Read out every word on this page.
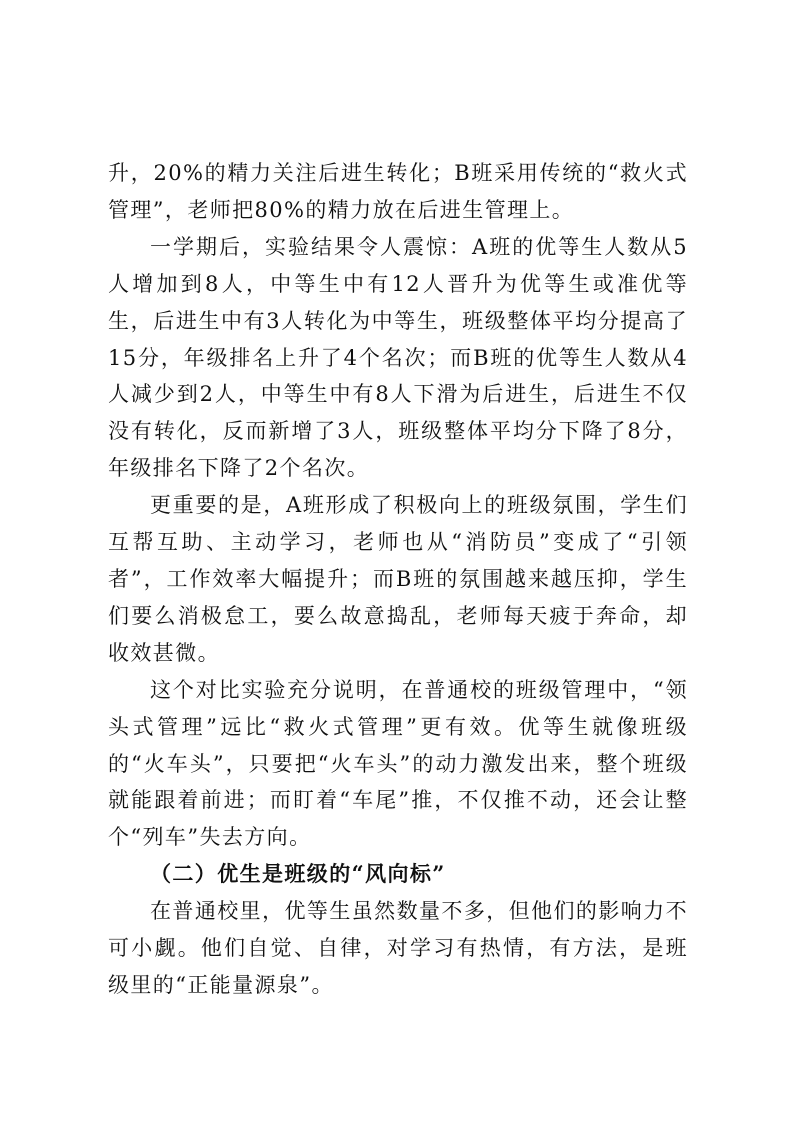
升，20%的精力关注后进生转化；B班采用传统的“救火式管理”，老师把80%的精力放在后进生管理上。

一学期后，实验结果令人震惊：A班的优等生人数从5人增加到8人，中等生中有12人晋升为优等生或准优等生，后进生中有3人转化为中等生，班级整体平均分提高了15分，年级排名上升了4个名次；而B班的优等生人数从4人减少到2人，中等生中有8人下滑为后进生，后进生不仅没有转化，反而新增了3人，班级整体平均分下降了8分，年级排名下降了2个名次。

更重要的是，A班形成了积极向上的班级氛围，学生们互帮互助、主动学习，老师也从“消防员”变成了“引领者”，工作效率大幅提升；而B班的氛围越来越压抑，学生们要么消极怠工，要么故意捣乱，老师每天疲于奔命，却收效甚微。

这个对比实验充分说明，在普通校的班级管理中，“领头式管理”远比“救火式管理”更有效。优等生就像班级的“火车头”，只要把“火车头”的动力激发出来，整个班级就能跟着前进；而盯着“车尾”推，不仅推不动，还会让整个“列车”失去方向。

（二）优生是班级的“风向标”

在普通校里，优等生虽然数量不多，但他们的影响力不可小觑。他们自觉、自律，对学习有热情，有方法，是班级里的“正能量源泉”。
